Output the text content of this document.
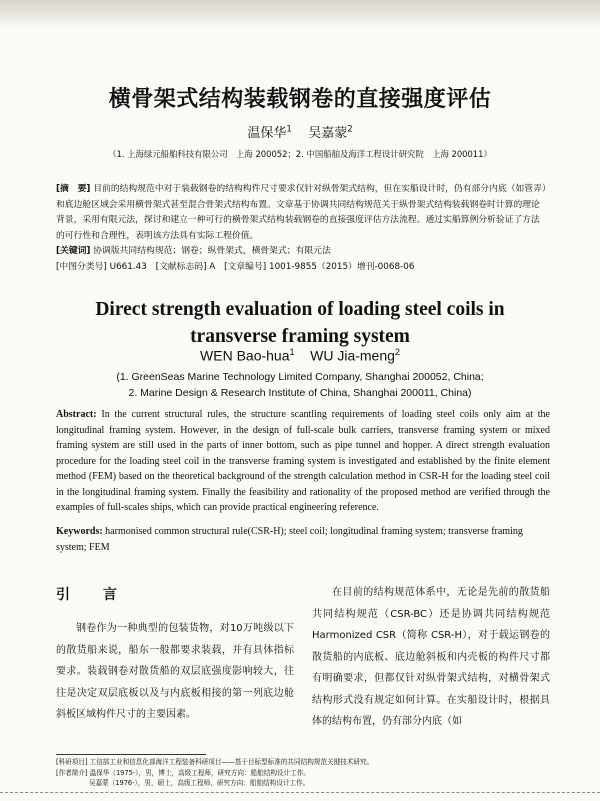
横骨架式结构装载钢卷的直接强度评估
温保华$^1$ 吴嘉蒙$^2$
（1. 上海绿元船舶科技有限公司　上海 200052；2. 中国船舶及海洋工程设计研究院　上海 200011）
[摘　要] 目前的结构规范中对于装载钢卷的结构构件尺寸要求仅针对纵骨架式结构，但在实船设计时，仍有部分内底（如管弄）和底边舱区域会采用横骨架式甚至混合骨架式结构布置。文章基于协调共同结构规范关于纵骨架式结构装载钢卷时计算的理论背景，采用有限元法，探讨和建立一种可行的横骨架式结构装载钢卷的直接强度评估方法流程。通过实船算例分析验证了方法的可行性和合理性，表明该方法具有实际工程价值。
[关键词] 协调版共同结构规范；钢卷；纵骨架式，横骨架式；有限元法
[中图分类号] U661.43　[文献标志码] A　[文章编号] 1001-9855（2015）增刊-0068-06
Direct strength evaluation of loading steel coils in
transverse framing system
WEN Bao-hua$^1$ WU Jia-meng$^2$
(1. GreenSeas Marine Technology Limited Company, Shanghai 200052, China;
2. Marine Design & Research Institute of China, Shanghai 200011, China)
Abstract: In the current structural rules, the structure scantling requirements of loading steel coils only aim at the longitudinal framing system. However, in the design of full-scale bulk carriers, transverse framing system or mixed framing system are still used in the parts of inner bottom, such as pipe tunnel and hopper. A direct strength evaluation procedure for the loading steel coil in the transverse framing system is investigated and established by the finite element method (FEM) based on the theoretical background of the strength calculation method in CSR-H for the loading steel coil in the longitudinal framing system. Finally the feasibility and rationality of the proposed method are verified through the examples of full-scales ships, which can provide practical engineering reference.
Keywords: harmonised common structural rule(CSR-H); steel coil; longitudinal framing system; transverse framing system; FEM
引 言
钢卷作为一种典型的包装货物，对10万吨级以下的散货船来说，船东一般都要求装载，并有具体指标要求。装载钢卷对散货船的双层底强度影响较大，往往是决定双层底板以及与内底板相接的第一列底边舱斜板区域构件尺寸的主要因素。
在目前的结构规范体系中，无论是先前的散货船共同结构规范（CSR-BC）还是协调共同结构规范 Harmonized CSR（简称 CSR-H），对于载运钢卷的散货船的内底板、底边舱斜板和内壳板的构件尺寸都有明确要求，但都仅针对纵骨架式结构，对横骨架式结构形式没有规定如何计算。在实船设计时，根据具体的结构布置，仍有部分内底（如
[科研项目] 工信部工业和信息化部海洋工程装备科研项目——基于目标型标准的共同结构规范关键技术研究。
[作者简介] 温保华（1975-），男，博士，高级工程师，研究方向：船舶结构设计工作。
　　　　　吴嘉蒙（1976-），男，硕士，高级工程师，研究方向：船舶结构设计工作。
